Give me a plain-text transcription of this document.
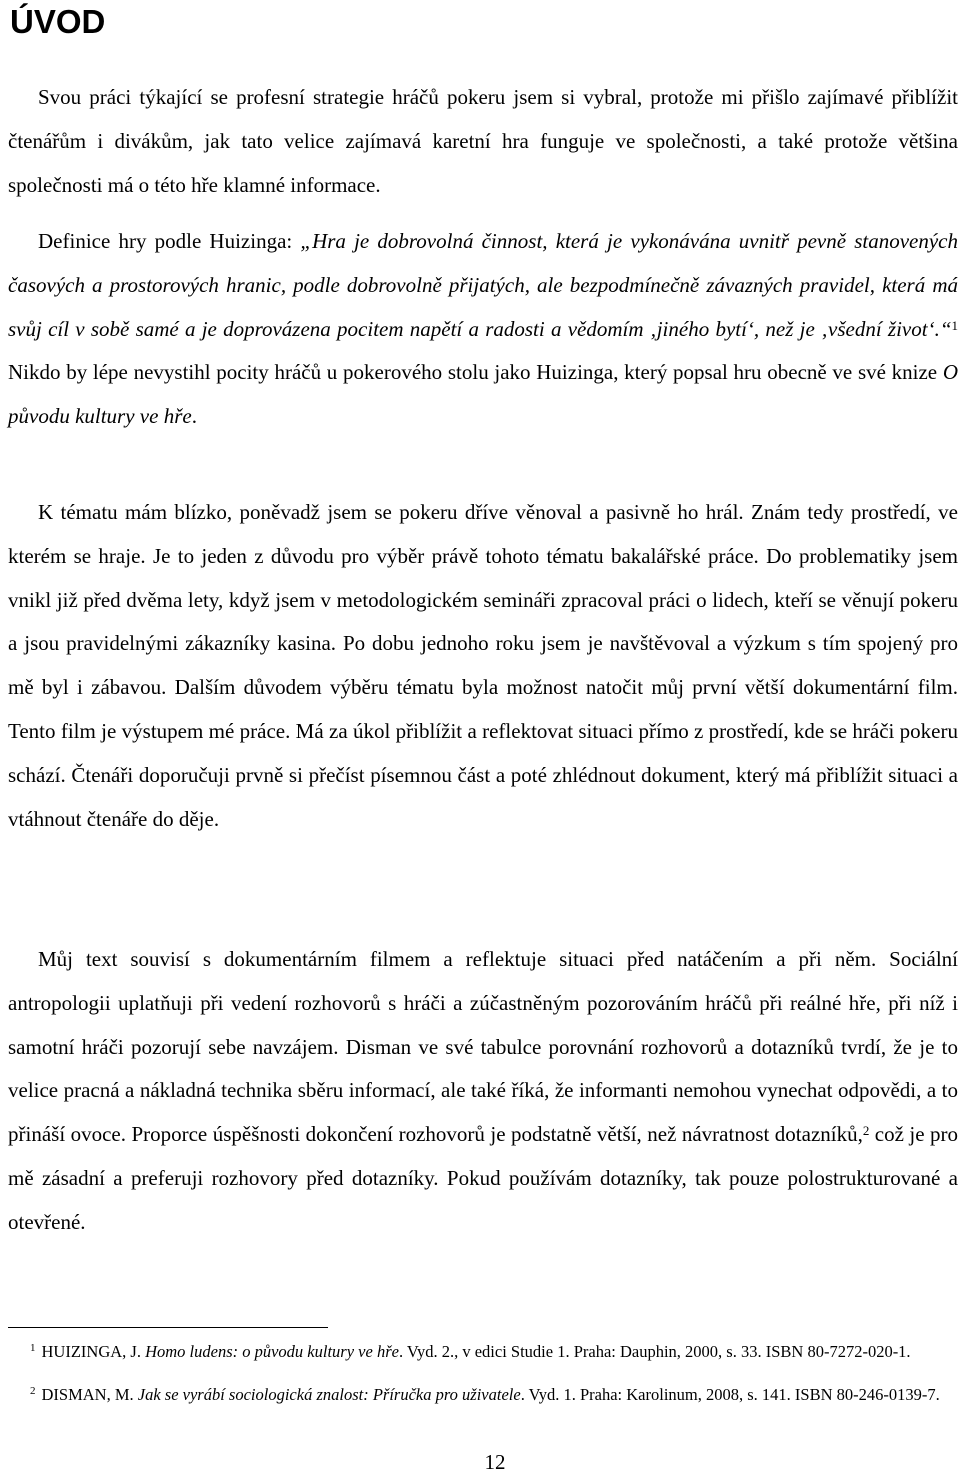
ÚVOD

Svou práci týkající se profesní strategie hráčů pokeru jsem si vybral, protože mi přišlo zajímavé přiblížit čtenářům i divákům, jak tato velice zajímavá karetní hra funguje ve společnosti, a také protože většina společnosti má o této hře klamné informace.

Definice hry podle Huizinga: „Hra je dobrovolná činnost, která je vykonávána uvnitř pevně stanovených časových a prostorových hranic, podle dobrovolně přijatých, ale bezpodmínečně závazných pravidel, která má svůj cíl v sobě samé a je doprovázena pocitem napětí a radosti a vědomím ‚jiného bytí‘, než je ‚všední život‘.“$^1$ Nikdo by lépe nevystihl pocity hráčů u pokerového stolu jako Huizinga, který popsal hru obecně ve své knize O původu kultury ve hře.

K tématu mám blízko, poněvadž jsem se pokeru dříve věnoval a pasivně ho hrál. Znám tedy prostředí, ve kterém se hraje. Je to jeden z důvodu pro výběr právě tohoto tématu bakalářské práce. Do problematiky jsem vnikl již před dvěma lety, když jsem v metodologickém semináři zpracoval práci o lidech, kteří se věnují pokeru a jsou pravidelnými zákazníky kasina. Po dobu jednoho roku jsem je navštěvoval a výzkum s tím spojený pro mě byl i zábavou. Dalším důvodem výběru tématu byla možnost natočit můj první větší dokumentární film. Tento film je výstupem mé práce. Má za úkol přiblížit a reflektovat situaci přímo z prostředí, kde se hráči pokeru schází. Čtenáři doporučuji prvně si přečíst písemnou část a poté zhlédnout dokument, který má přiblížit situaci a vtáhnout čtenáře do děje.

Můj text souvisí s dokumentárním filmem a reflektuje situaci před natáčením a při něm. Sociální antropologii uplatňuji při vedení rozhovorů s hráči a zúčastněným pozorováním hráčů při reálné hře, při níž i samotní hráči pozorují sebe navzájem. Disman ve své tabulce porovnání rozhovorů a dotazníků tvrdí, že je to velice pracná a nákladná technika sběru informací, ale také říká, že informanti nemohou vynechat odpovědi, a to přináší ovoce. Proporce úspěšnosti dokončení rozhovorů je podstatně větší, než návratnost dotazníků,$^2$ což je pro mě zásadní a preferuji rozhovory před dotazníky. Pokud používám dotazníky, tak pouze polostrukturované a otevřené.

$^1$ HUIZINGA, J. Homo ludens: o původu kultury ve hře. Vyd. 2., v edici Studie 1. Praha: Dauphin, 2000, s. 33. ISBN 80-7272-020-1.

$^2$ DISMAN, M. Jak se vyrábí sociologická znalost: Příručka pro uživatele. Vyd. 1. Praha: Karolinum, 2008, s. 141. ISBN 80-246-0139-7.

12
